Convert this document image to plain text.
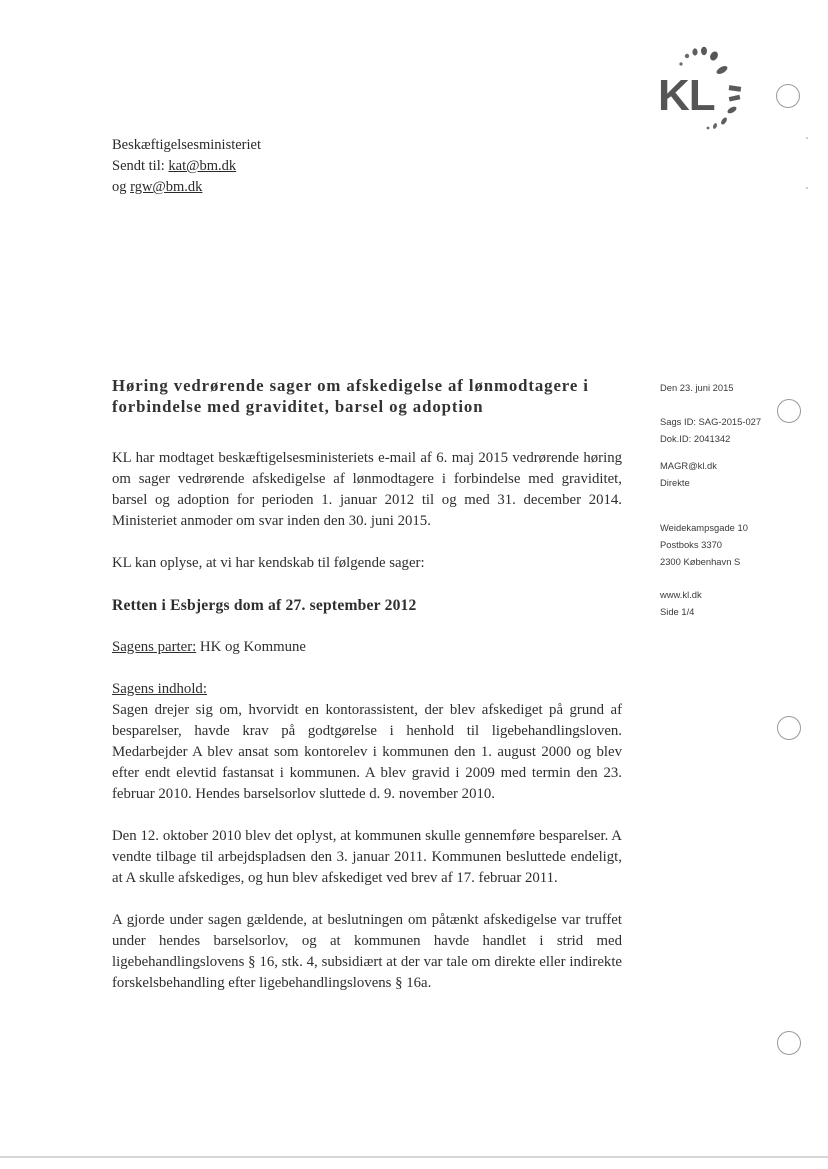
KL
Beskæftigelsesministeriet
Sendt til: kat@bm.dk
og rgw@bm.dk
Høring vedrørende sager om afskedigelse af lønmodtagere i forbindelse med graviditet, barsel og adoption

KL har modtaget beskæftigelsesministeriets e-mail af 6. maj 2015 vedrørende høring om sager vedrørende afskedigelse af lønmodtagere i forbindelse med graviditet, barsel og adoption for perioden 1. januar 2012 til og med 31. december 2014. Ministeriet anmoder om svar inden den 30. juni 2015.

KL kan oplyse, at vi har kendskab til følgende sager:

Retten i Esbjergs dom af 27. september 2012

Sagens parter: HK og Kommune

Sagens indhold:

Sagen drejer sig om, hvorvidt en kontorassistent, der blev afskediget på grund af besparelser, havde krav på godtgørelse i henhold til ligebehandlingsloven. Medarbejder A blev ansat som kontorelev i kommunen den 1. august 2000 og blev efter endt elevtid fastansat i kommunen. A blev gravid i 2009 med termin den 23. februar 2010. Hendes barselsorlov sluttede d. 9. november 2010.

Den 12. oktober 2010 blev det oplyst, at kommunen skulle gennemføre besparelser. A vendte tilbage til arbejdspladsen den 3. januar 2011. Kommunen besluttede endeligt, at A skulle afskediges, og hun blev afskediget ved brev af 17. februar 2011.

A gjorde under sagen gældende, at beslutningen om påtænkt afskedigelse var truffet under hendes barselsorlov, og at kommunen havde handlet i strid med ligebehandlingslovens § 16, stk. 4, subsidiært at der var tale om direkte eller indirekte forskelsbehandling efter ligebehandlingslovens § 16a.

Den 23. juni 2015
Sags ID: SAG-2015-027
Dok.ID: 2041342
MAGR@kl.dk
Direkte
Weidekampsgade 10
Postboks 3370
2300 København S
www.kl.dk
Side 1/4
